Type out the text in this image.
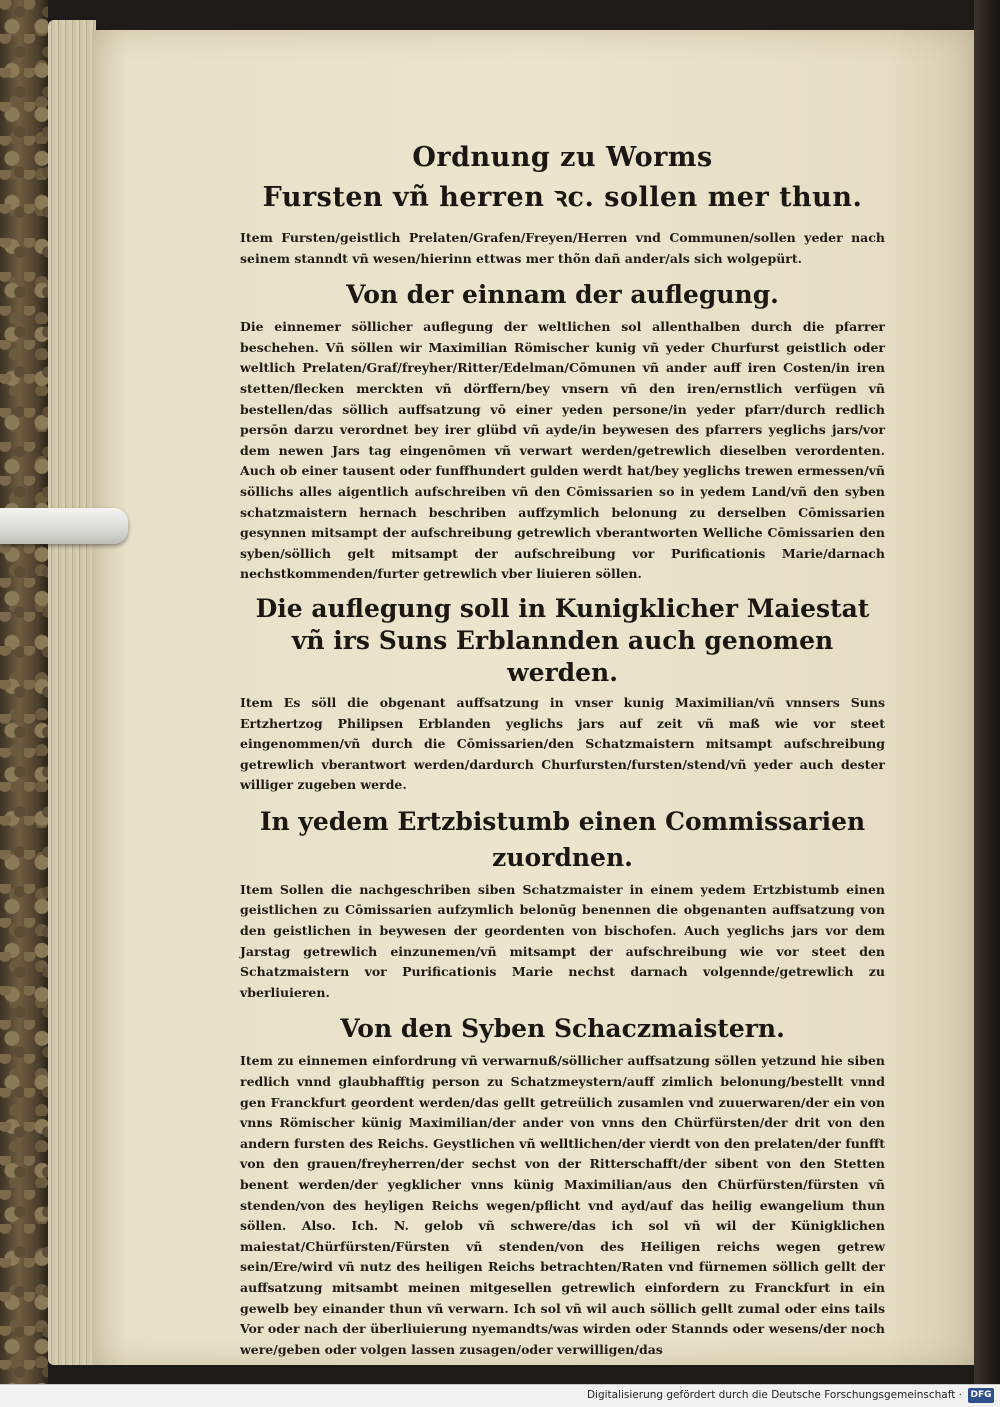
Ordnung zu Worms
Fursten vñ herren ꝛc. sollen mer thun.

Item Fursten/geistlich Prelaten/Grafen/Freyen/Herren vnd Communen/sollen yeder nach seinem stanndt vñ wesen/hierinn ettwas mer thõn dañ ander/als sich wolgepürt.

Von der einnam der auflegung.

Die einnemer söllicher auflegung der weltlichen sol allenthalben durch die pfarrer beschehen. Vñ söllen wir Maximilian Römischer kunig vñ yeder Churfurst geistlich oder weltlich Prelaten/Graf/freyher/Ritter/Edelman/Cōmunen vñ ander auff iren Costen/in iren stetten/flecken merckten vñ dörffern/bey vnsern vñ den iren/ernstlich verfügen vñ bestellen/das söllich auffsatzung vō einer yeden persone/in yeder pfarr/durch redlich persōn darzu verordnet bey irer glübd vñ ayde/in beywesen des pfarrers yeglichs jars/vor dem newen Jars tag eingenōmen vñ verwart werden/getrewlich dieselben verordenten. Auch ob einer tausent oder funffhundert gulden werdt hat/bey yeglichs trewen ermessen/vñ söllichs alles aigentlich aufschreiben vñ den Cōmissarien so in yedem Land/vñ den syben schatzmaistern hernach beschriben auffzymlich belonung zu derselben Cōmissarien gesynnen mitsampt der aufschreibung getrewlich vberantworten Welliche Cōmissarien den syben/söllich gelt mitsampt der aufschreibung vor Purificationis Marie/darnach nechstkommenden/furter getrewlich vber liuieren söllen.

Die auflegung soll in Kunigklicher Maiestat vñ irs Suns Erblannden auch genomen werden.

Item Es söll die obgenant auffsatzung in vnser kunig Maximilian/vñ vnnsers Suns Ertzhertzog Philipsen Erblanden yeglichs jars auf zeit vñ maß wie vor steet eingenommen/vñ durch die Cōmissarien/den Schatzmaistern mitsampt aufschreibung getrewlich vberantwort werden/dardurch Churfursten/fursten/stend/vñ yeder auch dester williger zugeben werde.

In yedem Ertzbistumb einen Commissarien zuordnen.

Item Sollen die nachgeschriben siben Schatzmaister in einem yedem Ertzbistumb einen geistlichen zu Cōmissarien aufzymlich belonūg benennen die obgenanten auffsatzung von den geistlichen in beywesen der geordenten von bischofen. Auch yeglichs jars vor dem Jarstag getrewlich einzunemen/vñ mitsampt der aufschreibung wie vor steet den Schatzmaistern vor Purificationis Marie nechst darnach volgennde/getrewlich zu vberliuieren.

Von den Syben Schaczmaistern.

Item zu einnemen einfordrung vñ verwarnuß/söllicher auffsatzung söllen yetzund hie siben redlich vnnd glaubhafftig person zu Schatzmeystern/auff zimlich belonung/bestellt vnnd gen Franckfurt geordent werden/das gellt getreülich zusamlen vnd zuuerwaren/der ein von vnns Römischer künig Maximilian/der ander von vnns den Chürfürsten/der drit von den andern fursten des Reichs. Geystlichen vñ welltlichen/der vierdt von den prelaten/der funfft von den grauen/freyherren/der sechst von der Ritterschafft/der sibent von den Stetten benent werden/der yegklicher vnns künig Maximilian/aus den Chürfürsten/fürsten vñ stenden/von des heyligen Reichs wegen/pflicht vnd ayd/auf das heilig ewangelium thun söllen. Also. Ich. N. gelob vñ schwere/das ich sol vñ wil der Künigklichen maiestat/Chürfürsten/Fürsten vñ stenden/von des Heiligen reichs wegen getrew sein/Ere/wird vñ nutz des heiligen Reichs betrachten/Raten vnd fürnemen söllich gellt der auffsatzung mitsambt meinen mitgesellen getrewlich einfordern zu Franckfurt in ein gewelb bey einander thun vñ verwarn. Ich sol vñ wil auch söllich gellt zumal oder eins tails Vor oder nach der überliuierung nyemandts/was wirden oder Stannds oder wesens/der noch were/geben oder volgen lassen zusagen/oder verwilligen/das

Digitalisierung gefördert durch die Deutsche Forschungsgemeinschaft · DFG
